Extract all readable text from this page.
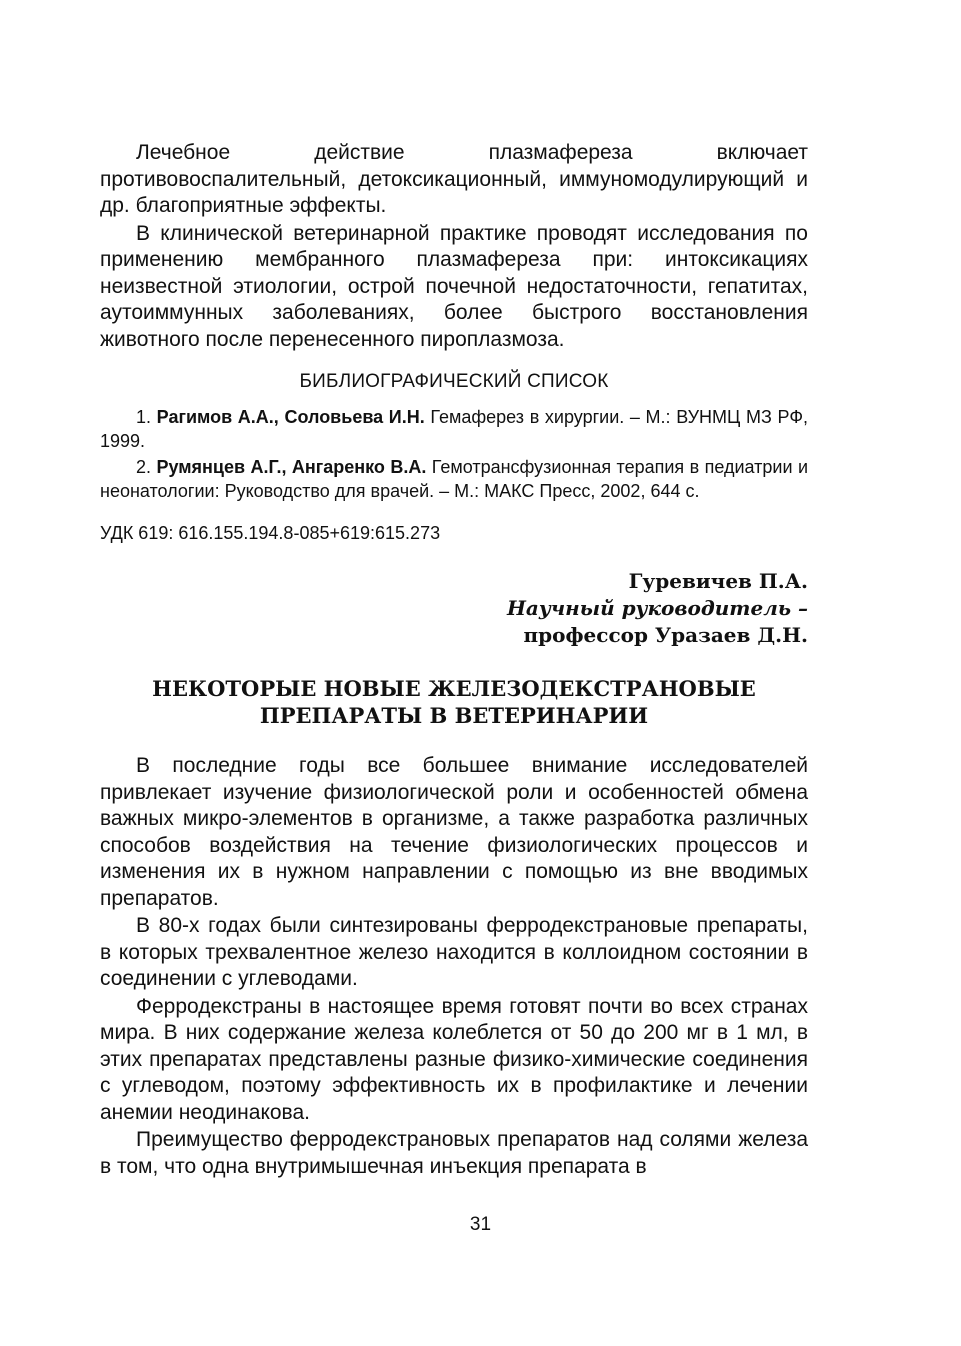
Лечебное действие плазмафереза включает противовоспалительный, детоксикационный, иммуномодулирующий и др. благоприятные эффекты.

В клинической ветеринарной практике проводят исследования по применению мембранного плазмафереза при: интоксикациях неизвестной этиологии, острой почечной недостаточности, гепатитах, аутоиммунных заболеваниях, более быстрого восстановления животного после перенесенного пироплазмоза.

БИБЛИОГРАФИЧЕСКИЙ СПИСОК

1. Рагимов А.А., Соловьева И.Н. Гемаферез в хирургии. – М.: ВУНМЦ МЗ РФ, 1999.

2. Румянцев А.Г., Ангаренко В.А. Гемотрансфузионная терапия в педиатрии и неонатологии: Руководство для врачей. – М.: МАКС Пресс, 2002, 644 с.

УДК 619: 616.155.194.8-085+619:615.273

Гуревичев П.А.
Научный руководитель –
профессор Уразаев Д.Н.
НЕКОТОРЫЕ НОВЫЕ ЖЕЛЕЗОДЕКСТРАНОВЫЕ
ПРЕПАРАТЫ В ВЕТЕРИНАРИИ

В последние годы все большее внимание исследователей привлекает изучение физиологической роли и особенностей обмена важных микро-элементов в организме, а также разработка различных способов воздействия на течение физиологических процессов и изменения их в нужном направлении с помощью из вне вводимых препаратов.

В 80-х годах были синтезированы ферродекстрановые препараты, в которых трехвалентное железо находится в коллоидном состоянии в соединении с углеводами.

Ферродекстраны в настоящее время готовят почти во всех странах мира. В них содержание железа колеблется от 50 до 200 мг в 1 мл, в этих препаратах представлены разные физико-химические соединения с углеводом, поэтому эффективность их в профилактике и лечении анемии неодинакова.

Преимущество ферродекстрановых препаратов над солями железа в том, что одна внутримышечная инъекция препарата в

31
